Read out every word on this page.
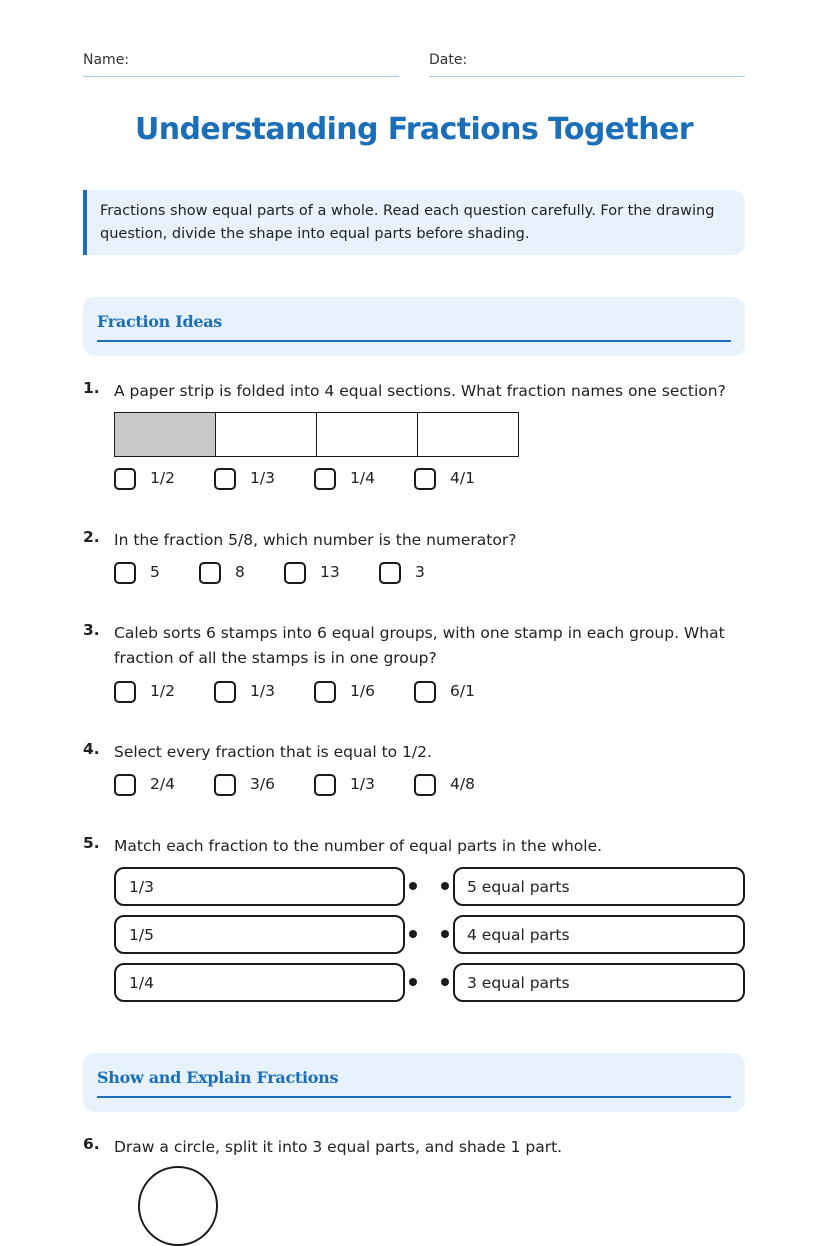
Name:	Date:
Understanding Fractions Together
Fractions show equal parts of a whole. Read each question carefully. For the drawing question, divide the shape into equal parts before shading.
Fraction Ideas
1. A paper strip is folded into 4 equal sections. What fraction names one section?
1/2	1/3	1/4	4/1
2. In the fraction 5/8, which number is the numerator?
5	8	13	3
3. Caleb sorts 6 stamps into 6 equal groups, with one stamp in each group. What fraction of all the stamps is in one group?
1/2	1/3	1/6	6/1
4. Select every fraction that is equal to 1/2.
2/4	3/6	1/3	4/8
5. Match each fraction to the number of equal parts in the whole.
1/3	5 equal parts
1/5	4 equal parts
1/4	3 equal parts
Show and Explain Fractions
6. Draw a circle, split it into 3 equal parts, and shade 1 part.
